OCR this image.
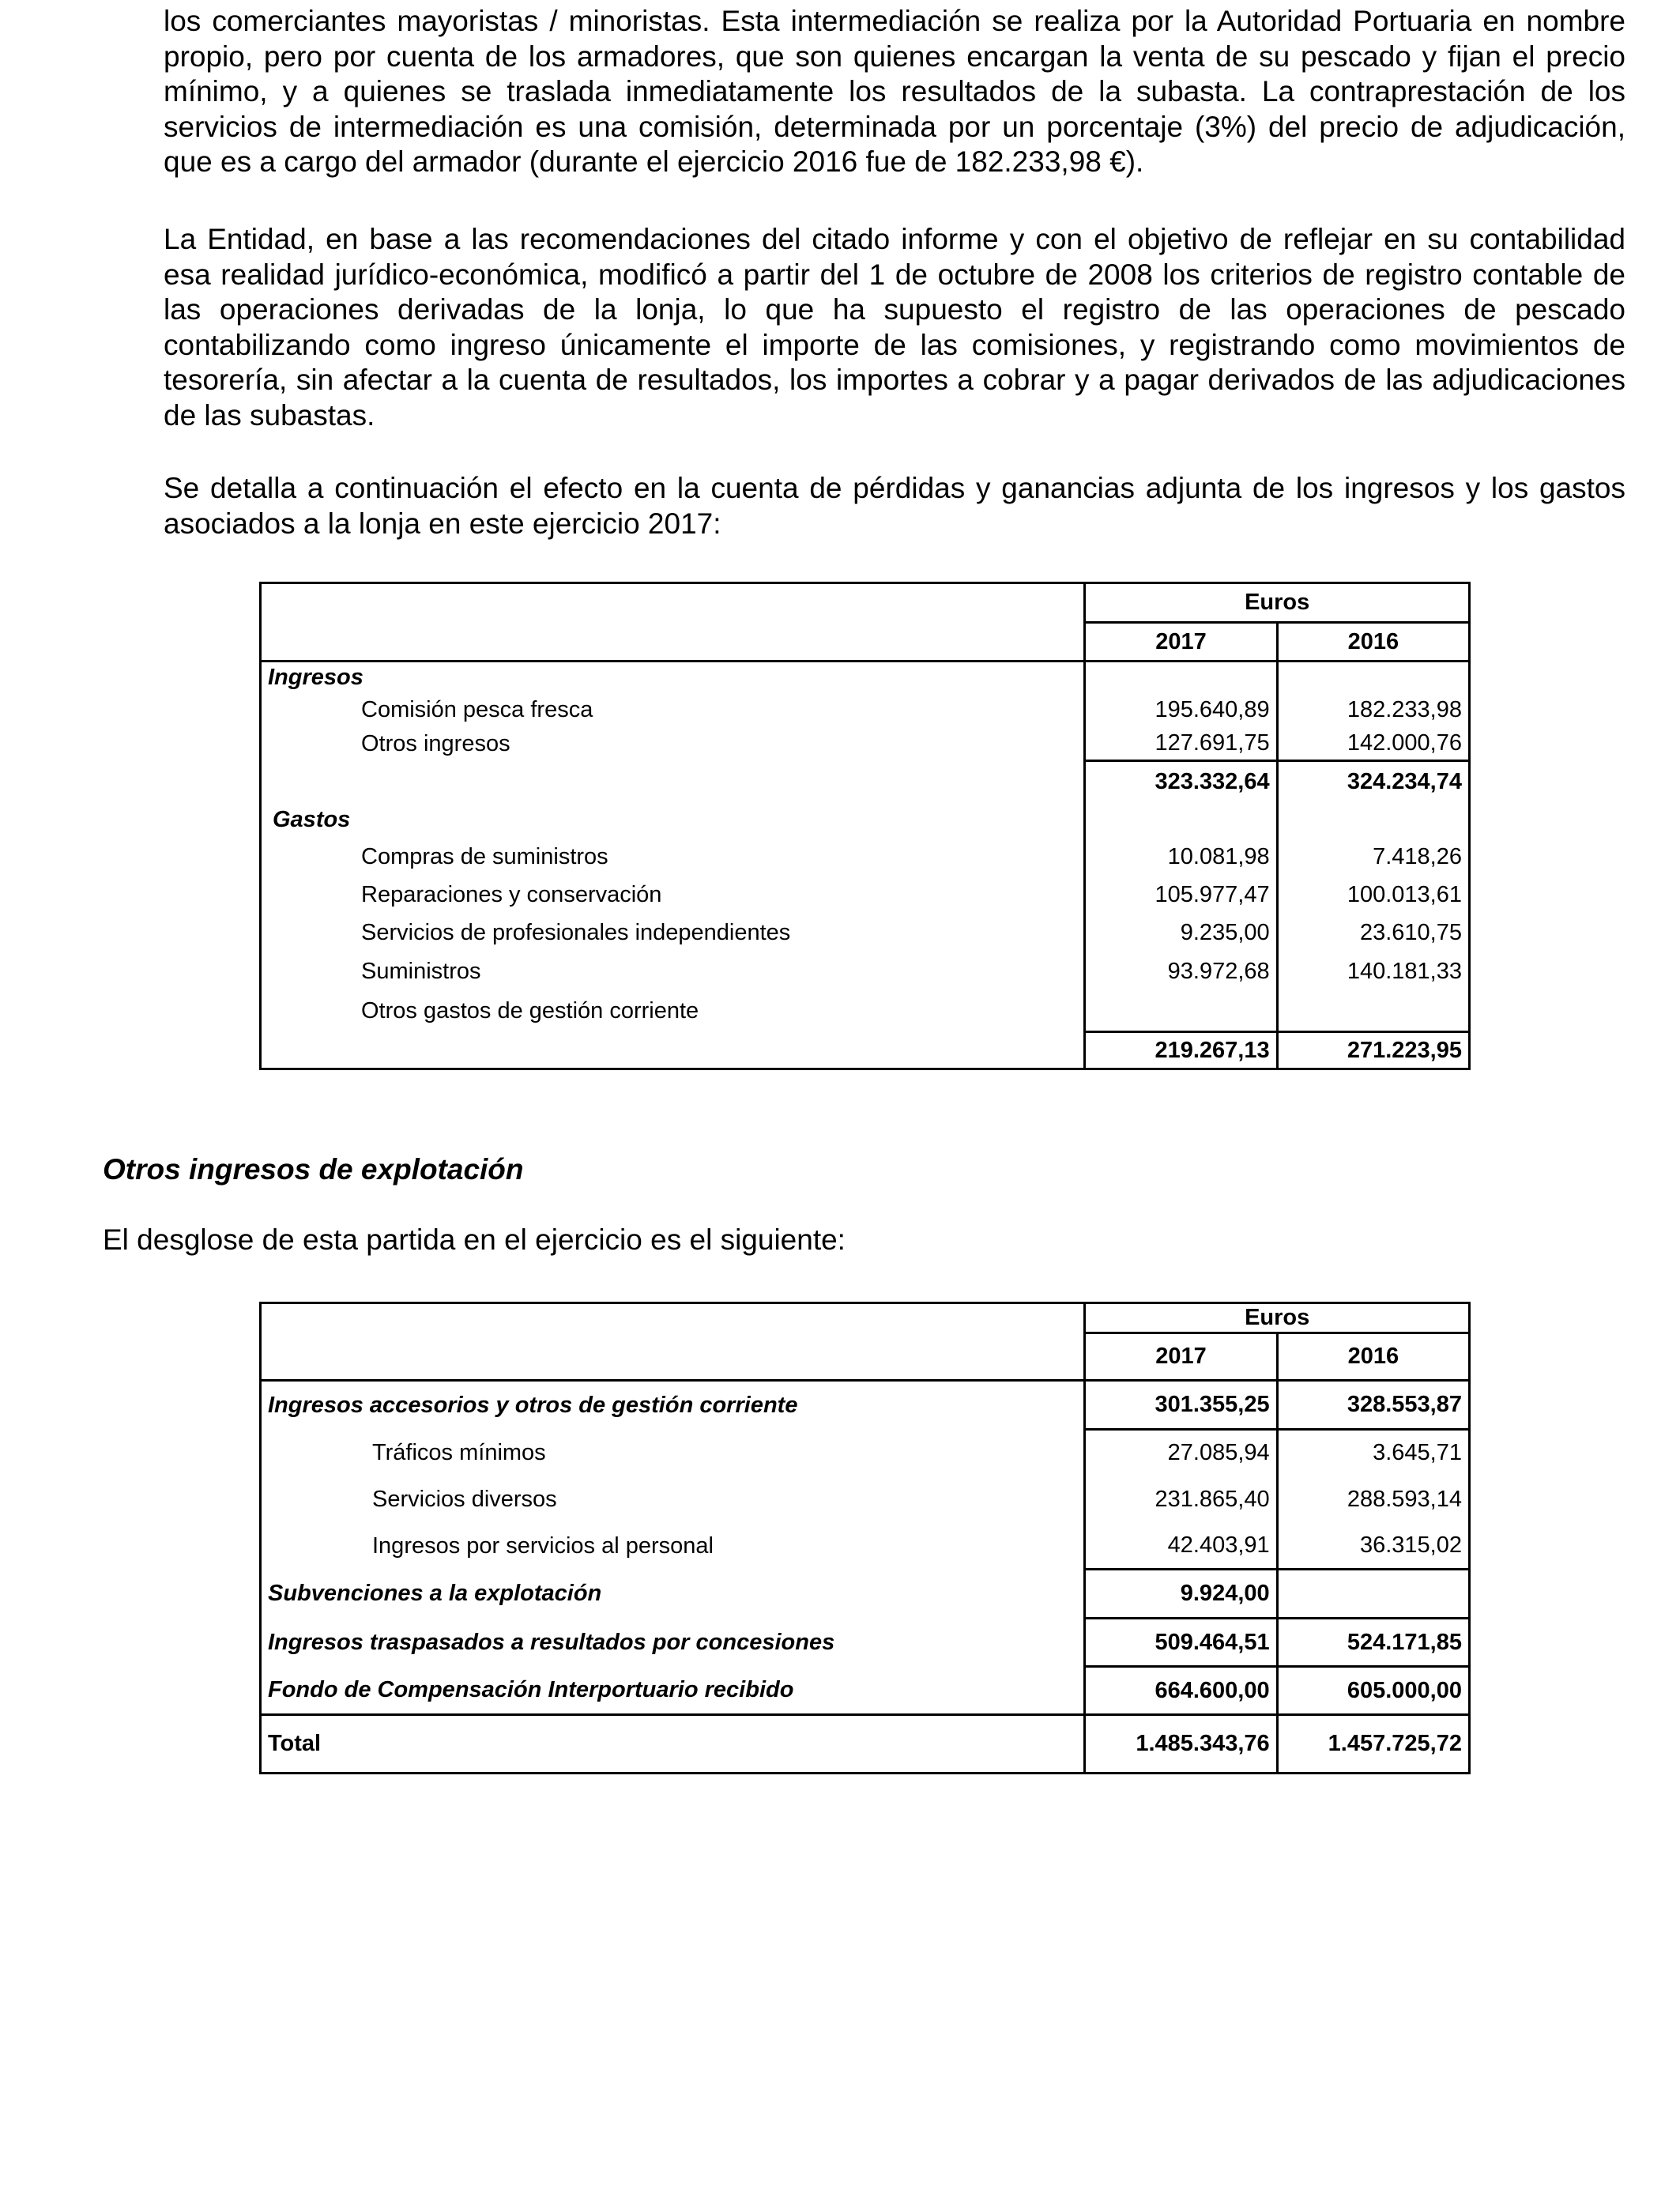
los comerciantes mayoristas / minoristas. Esta intermediación se realiza por la Autoridad Portuaria en nombre propio, pero por cuenta de los armadores, que son quienes encargan la venta de su pescado y fijan el precio mínimo, y a quienes se traslada inmediatamente los resultados de la subasta. La contraprestación de los servicios de intermediación es una comisión, determinada por un porcentaje (3%) del precio de adjudicación, que es a cargo del armador (durante el ejercicio 2016 fue de 182.233,98 €).

La Entidad, en base a las recomendaciones del citado informe y con el objetivo de reflejar en su contabilidad esa realidad jurídico-económica, modificó a partir del 1 de octubre de 2008 los criterios de registro contable de las operaciones derivadas de la lonja, lo que ha supuesto el registro de las operaciones de pescado contabilizando como ingreso únicamente el importe de las comisiones, y registrando como movimientos de tesorería, sin afectar a la cuenta de resultados, los importes a cobrar y a pagar derivados de las adjudicaciones de las subastas.

Se detalla a continuación el efecto en la cuenta de pérdidas y ganancias adjunta de los ingresos y los gastos asociados a la lonja en este ejercicio 2017:

	Euros	
	2017	2016
Ingresos		
Comisión pesca fresca	195.640,89	182.233,98
Otros ingresos	127.691,75	142.000,76
	323.332,64	324.234,74
Gastos		
Compras de suministros	10.081,98	7.418,26
Reparaciones y conservación	105.977,47	100.013,61
Servicios de profesionales independientes	9.235,00	23.610,75
Suministros	93.972,68	140.181,33
Otros gastos de gestión corriente		
	219.267,13	271.223,95

Otros ingresos de explotación

El desglose de esta partida en el ejercicio es el siguiente:

	Euros	
	2017	2016
Ingresos accesorios y otros de gestión corriente	301.355,25	328.553,87
Tráficos mínimos	27.085,94	3.645,71
Servicios diversos	231.865,40	288.593,14
Ingresos por servicios al personal	42.403,91	36.315,02
Subvenciones a la explotación	9.924,00	
Ingresos traspasados a resultados por concesiones	509.464,51	524.171,85
Fondo de Compensación Interportuario recibido	664.600,00	605.000,00
Total	1.485.343,76	1.457.725,72
